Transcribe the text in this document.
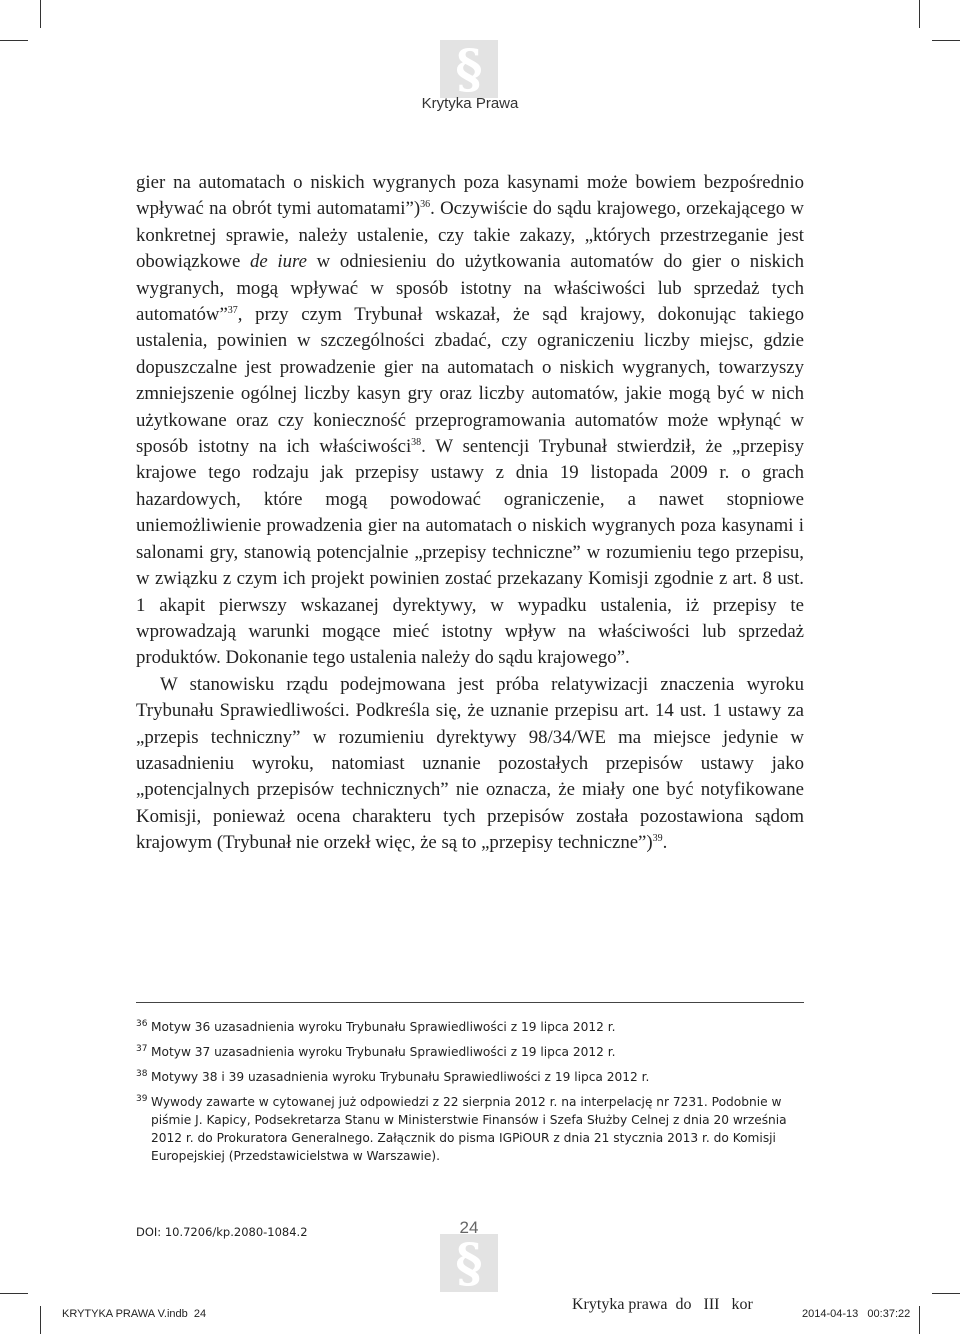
§
§
Krytyka Prawa

gier na automatach o niskich wygranych poza kasynami może bowiem bezpośrednio wpływać na obrót tymi automatami”)$^{36}$. Oczywiście do sądu krajowego, orzekającego w konkretnej sprawie, należy ustalenie, czy takie zakazy, „których przestrzeganie jest obowiązkowe de iure w odniesieniu do użytkowania automatów do gier o niskich wygranych, mogą wpływać w sposób istotny na właściwości lub sprzedaż tych automatów”$^{37}$, przy czym Trybunał wskazał, że sąd krajowy, dokonując takiego ustalenia, powinien w szczególności zbadać, czy ograniczeniu liczby miejsc, gdzie dopuszczalne jest prowadzenie gier na automatach o niskich wygranych, towarzyszy zmniejszenie ogólnej liczby kasyn gry oraz liczby automatów, jakie mogą być w nich użytkowane oraz czy konieczność przeprogramowania automatów może wpłynąć w sposób istotny na ich właściwości$^{38}$. W sentencji Trybunał stwierdził, że „przepisy krajowe tego rodzaju jak przepisy ustawy z dnia 19 listopada 2009 r. o grach hazardowych, które mogą powodować ograniczenie, a nawet stopniowe uniemożliwienie prowadzenia gier na automatach o niskich wygranych poza kasynami i salonami gry, stanowią potencjalnie „przepisy techniczne” w rozumieniu tego przepisu, w związku z czym ich projekt powinien zostać przekazany Komisji zgodnie z art. 8 ust. 1 akapit pierwszy wskazanej dyrektywy, w wypadku ustalenia, iż przepisy te wprowadzają warunki mogące mieć istotny wpływ na właściwości lub sprzedaż produktów. Dokonanie tego ustalenia należy do sądu krajowego”.

W stanowisku rządu podejmowana jest próba relatywizacji znaczenia wyroku Trybunału Sprawiedliwości. Podkreśla się, że uznanie przepisu art. 14 ust. 1 ustawy za „przepis techniczny” w rozumieniu dyrektywy 98/34/WE ma miejsce jedynie w uzasadnieniu wyroku, natomiast uznanie pozostałych przepisów ustawy jako „potencjalnych przepisów technicznych” nie oznacza, że miały one być notyfikowane Komisji, ponieważ ocena charakteru tych przepisów została pozostawiona sądom krajowym (Trybunał nie orzekł więc, że są to „przepisy techniczne”)$^{39}$.

36 Motyw 36 uzasadnienia wyroku Trybunału Sprawiedliwości z 19 lipca 2012 r.
37 Motyw 37 uzasadnienia wyroku Trybunału Sprawiedliwości z 19 lipca 2012 r.
38 Motywy 38 i 39 uzasadnienia wyroku Trybunału Sprawiedliwości z 19 lipca 2012 r.
39 Wywody zawarte w cytowanej już odpowiedzi z 22 sierpnia 2012 r. na interpelację nr 7231. Podobnie w piśmie J. Kapicy, Podsekretarza Stanu w Ministerstwie Finansów i Szefa Służby Celnej z dnia 20 września 2012 r. do Prokuratora Generalnego. Załącznik do pisma IGPiOUR z dnia 21 stycznia 2013 r. do Komisji Europejskiej (Przedstawicielstwa w Warszawie).
DOI: 10.7206/kp.2080-1084.2	24
KRYTYKA PRAWA V.indb 24
Krytyka prawa  do   III   kor
2014-04-13   00:37:22
